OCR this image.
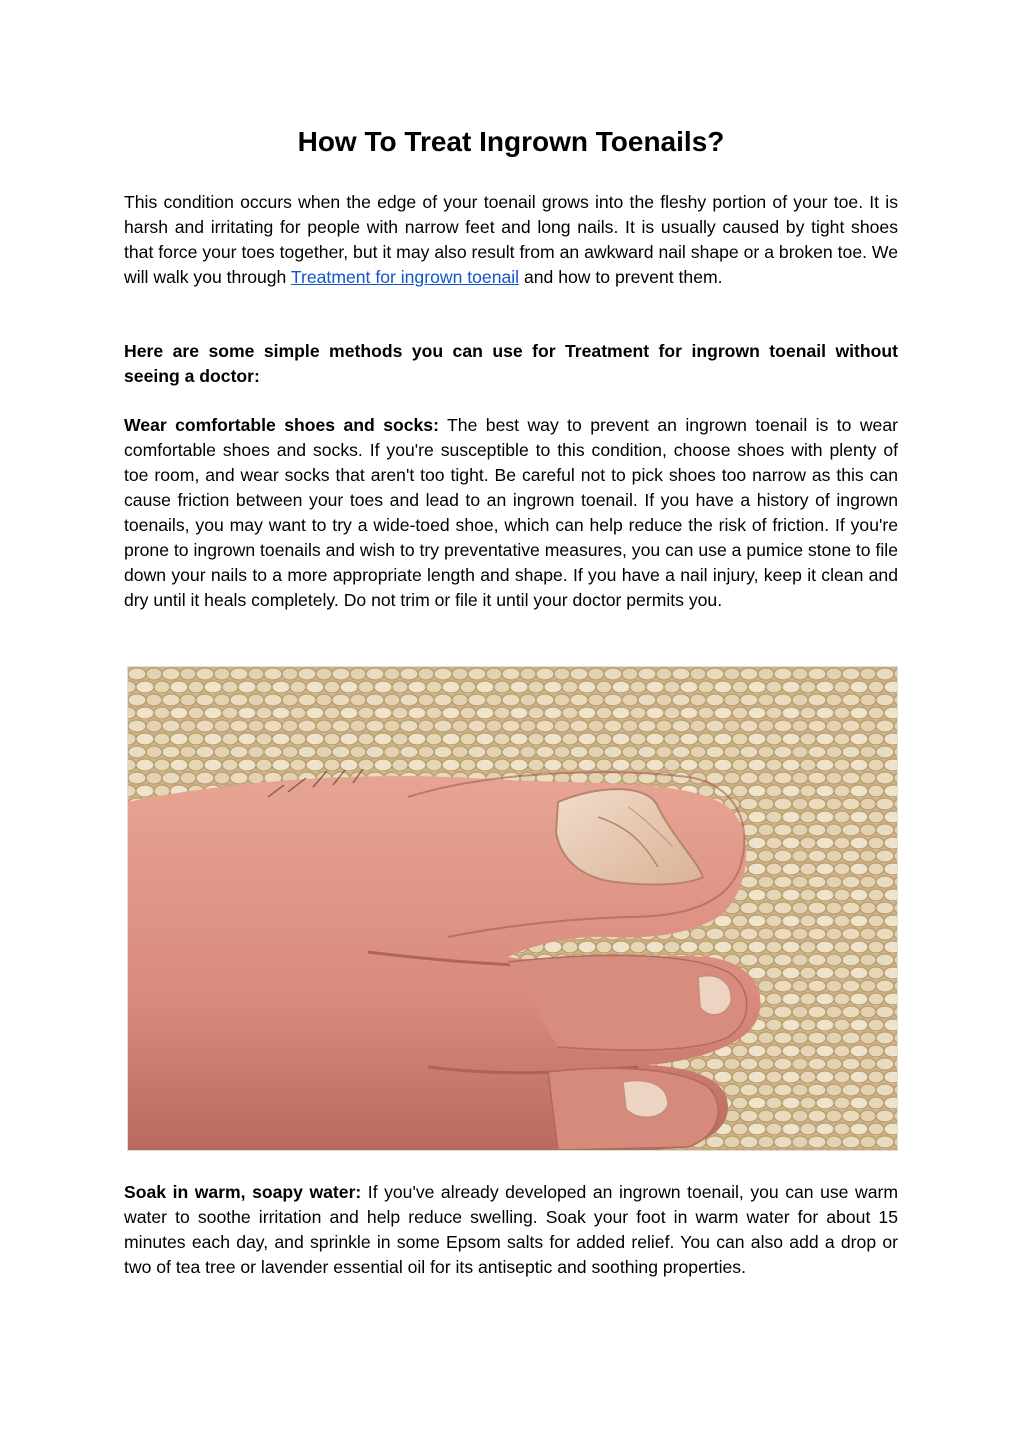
How To Treat Ingrown Toenails?

This condition occurs when the edge of your toenail grows into the fleshy portion of your toe. It is harsh and irritating for people with narrow feet and long nails. It is usually caused by tight shoes that force your toes together, but it may also result from an awkward nail shape or a broken toe. We will walk you through Treatment for ingrown toenail and how to prevent them.

Here are some simple methods you can use for Treatment for ingrown toenail without seeing a doctor:

Wear comfortable shoes and socks: The best way to prevent an ingrown toenail is to wear comfortable shoes and socks. If you're susceptible to this condition, choose shoes with plenty of toe room, and wear socks that aren't too tight. Be careful not to pick shoes too narrow as this can cause friction between your toes and lead to an ingrown toenail. If you have a history of ingrown toenails, you may want to try a wide-toed shoe, which can help reduce the risk of friction. If you're prone to ingrown toenails and wish to try preventative measures, you can use a pumice stone to file down your nails to a more appropriate length and shape. If you have a nail injury, keep it clean and dry until it heals completely. Do not trim or file it until your doctor permits you.

Soak in warm, soapy water: If you've already developed an ingrown toenail, you can use warm water to soothe irritation and help reduce swelling. Soak your foot in warm water for about 15 minutes each day, and sprinkle in some Epsom salts for added relief. You can also add a drop or two of tea tree or lavender essential oil for its antiseptic and soothing properties.
